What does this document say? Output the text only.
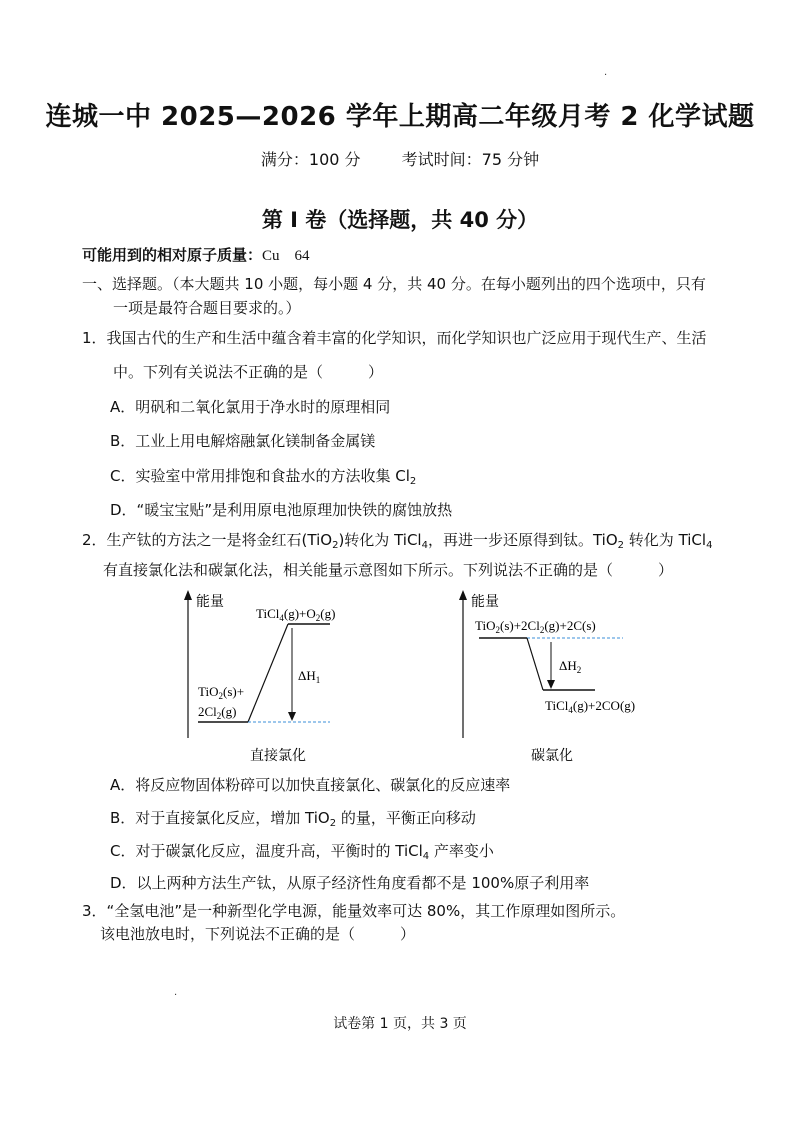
连城一中 2025—2026 学年上期高二年级月考 2 化学试题
满分：100 分	考试时间：75 分钟
第 I 卷（选择题，共 40 分）
可能用到的相对原子质量：Cu　64
一、选择题。（本大题共 10 小题，每小题 4 分，共 40 分。在每小题列出的四个选项中，只有
一项是最符合题目要求的。）
1．我国古代的生产和生活中蕴含着丰富的化学知识，而化学知识也广泛应用于现代生产、生活
中。下列有关说法不正确的是（　　　）
A．明矾和二氧化氯用于净水时的原理相同
B．工业上用电解熔融氯化镁制备金属镁
C．实验室中常用排饱和食盐水的方法收集 $Cl_2$
D．“暖宝宝贴”是利用原电池原理加快铁的腐蚀放热
2．生产钛的方法之一是将金红石(TiO$_2$)转化为 TiCl$_4$，再进一步还原得到钛。TiO$_2$ 转化为 TiCl$_4$
有直接氯化法和碳氯化法，相关能量示意图如下所示。下列说法不正确的是（　　　）
能量
$TiCl_4(g)+O_2(g)$
$\Delta H_1$
TiO$_2$(s)+
$2Cl_2(g)$
直接氯化
能量
$TiO_2(s)+2Cl_2(g)+2C(s)$
$\Delta H_2$
TiCl$_4$(g)+2CO(g)
碳氯化
A．将反应物固体粉碎可以加快直接氯化、碳氯化的反应速率
B．对于直接氯化反应，增加 TiO$_2$ 的量，平衡正向移动
C．对于碳氯化反应，温度升高，平衡时的 TiCl$_4$ 产率变小
D．以上两种方法生产钛，从原子经济性角度看都不是 100%原子利用率
3．“全氢电池”是一种新型化学电源，能量效率可达 80%，其工作原理如图所示。
该电池放电时，下列说法不正确的是（　　　）
·
·
试卷第 1 页，共 3 页
